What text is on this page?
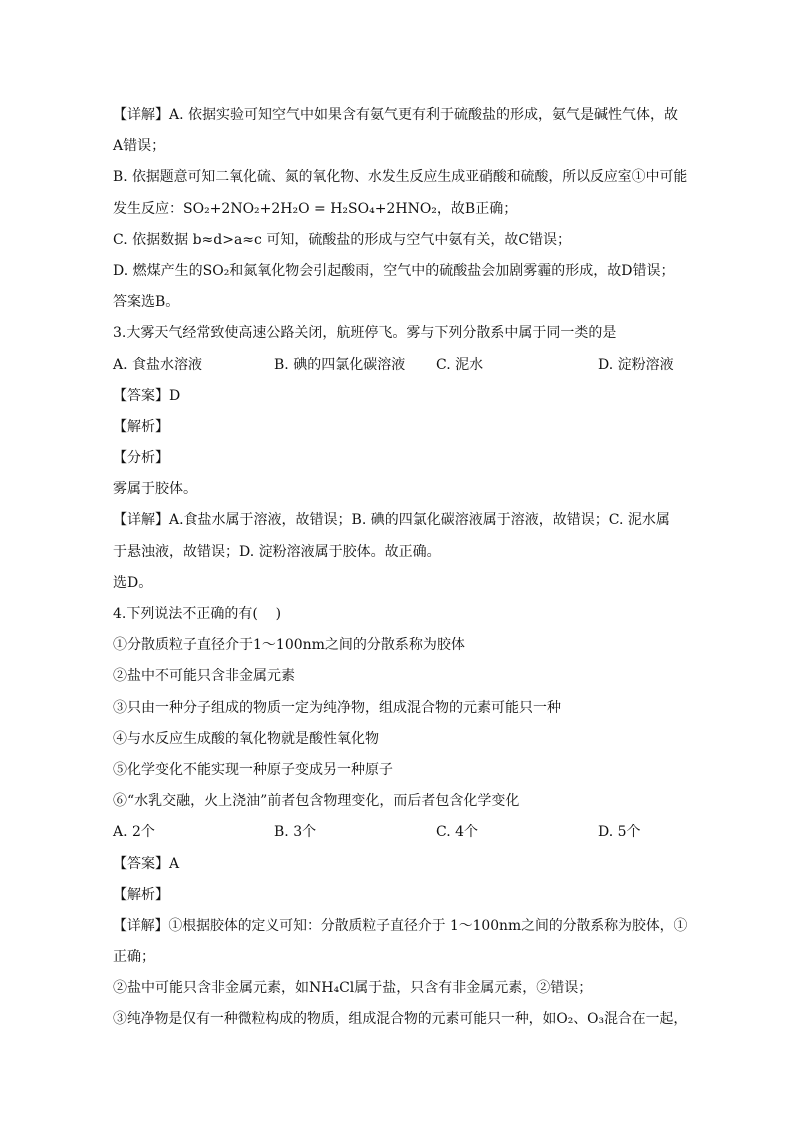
【详解】A. 依据实验可知空气中如果含有氨气更有利于硫酸盐的形成，氨气是碱性气体，故
A错误；
B. 依据题意可知二氧化硫、氮的氧化物、水发生反应生成亚硝酸和硫酸，所以反应室①中可能
发生反应：SO₂+2NO₂+2H₂O = H₂SO₄+2HNO₂，故B正确；
C. 依据数据 b≈d>a≈c 可知，硫酸盐的形成与空气中氨有关，故C错误；
D. 燃煤产生的SO₂和氮氧化物会引起酸雨，空气中的硫酸盐会加剧雾霾的形成，故D错误；
答案选B。
3.大雾天气经常致使高速公路关闭，航班停飞。雾与下列分散系中属于同一类的是
A. 食盐水溶液	B. 碘的四氯化碳溶液	C. 泥水	D. 淀粉溶液
【答案】D
【解析】
【分析】
雾属于胶体。
【详解】A.食盐水属于溶液，故错误；B. 碘的四氯化碳溶液属于溶液，故错误；C. 泥水属
于悬浊液，故错误；D. 淀粉溶液属于胶体。故正确。
选D。
4.下列说法不正确的有(    )
①分散质粒子直径介于1～100nm之间的分散系称为胶体
②盐中不可能只含非金属元素
③只由一种分子组成的物质一定为纯净物，组成混合物的元素可能只一种
④与水反应生成酸的氧化物就是酸性氧化物
⑤化学变化不能实现一种原子变成另一种原子
⑥“水乳交融，火上浇油”前者包含物理变化，而后者包含化学变化
A. 2个	B. 3个	C. 4个	D. 5个
【答案】A
【解析】
【详解】①根据胶体的定义可知：分散质粒子直径介于 1～100nm之间的分散系称为胶体，①
正确；
②盐中可能只含非金属元素，如NH₄Cl属于盐，只含有非金属元素，②错误；
③纯净物是仅有一种微粒构成的物质，组成混合物的元素可能只一种，如O₂、O₃混合在一起，
